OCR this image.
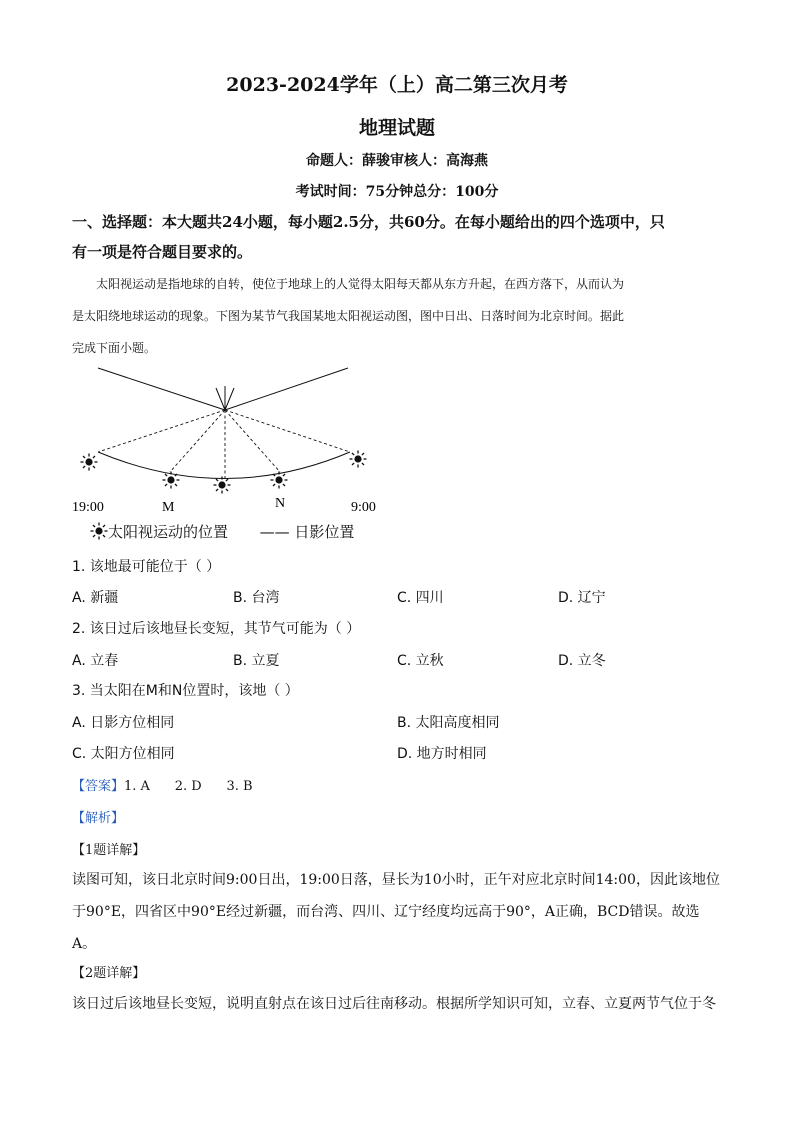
2023-2024学年（上）高二第三次月考
地理试题
命题人：薛骏审核人：高海燕
考试时间：75分钟总分：100分
一、选择题：本大题共24小题，每小题2.5分，共60分。在每小题给出的四个选项中，只
有一项是符合题目要求的。
太阳视运动是指地球的自转，使位于地球上的人觉得太阳每天都从东方升起，在西方落下，从而认为
是太阳绕地球运动的现象。下图为某节气我国某地太阳视运动图，图中日出、日落时间为北京时间。据此
完成下面小题。
19:00	M	N	9:00
太阳视运动的位置 —— 日影位置
1. 该地最可能位于（ ）
A. 新疆	B. 台湾	C. 四川	D. 辽宁
2. 该日过后该地昼长变短，其节气可能为（ ）
A. 立春	B. 立夏	C. 立秋	D. 立冬
3. 当太阳在M和N位置时，该地（ ）
A. 日影方位相同	B. 太阳高度相同
C. 太阳方位相同	D. 地方时相同
【答案】1. A      2. D      3. B
【解析】
【1题详解】
读图可知，该日北京时间9:00日出，19:00日落，昼长为10小时，正午对应北京时间14:00，因此该地位
于90°E，四省区中90°E经过新疆，而台湾、四川、辽宁经度均远高于90°，A正确，BCD错误。故选
A。
【2题详解】
该日过后该地昼长变短，说明直射点在该日过后往南移动。根据所学知识可知，立春、立夏两节气位于冬
